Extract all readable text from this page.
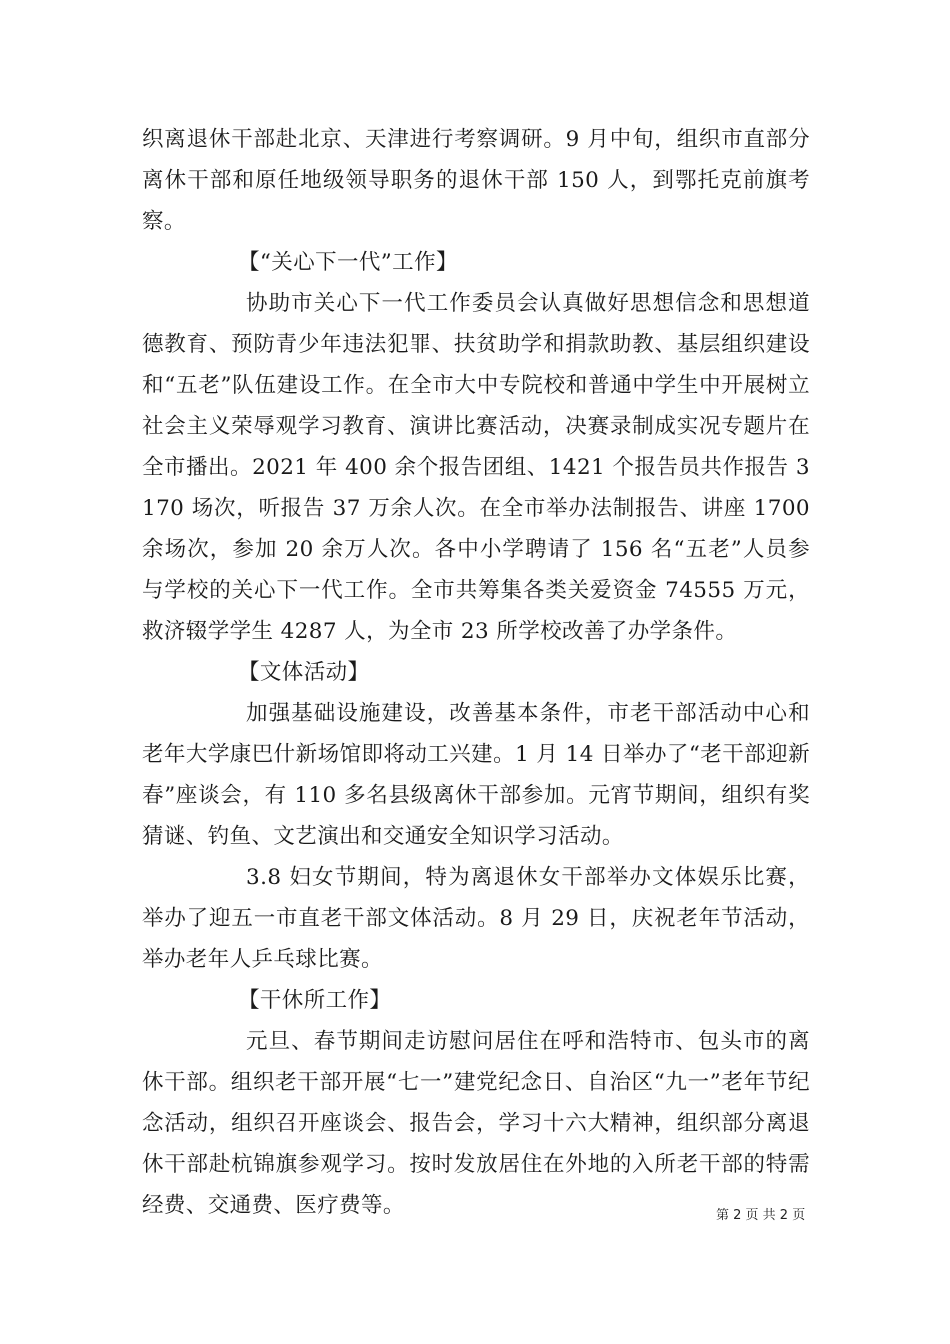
织离退休干部赴北京、天津进行考察调研。9 月中旬，组织市直部分离休干部和原任地级领导职务的退休干部 150 人，到鄂托克前旗考察。

【“关心下一代”工作】

协助市关心下一代工作委员会认真做好思想信念和思想道德教育、预防青少年违法犯罪、扶贫助学和捐款助教、基层组织建设和“五老”队伍建设工作。在全市大中专院校和普通中学生中开展树立社会主义荣辱观学习教育、演讲比赛活动，决赛录制成实况专题片在全市播出。2021 年 400 余个报告团组、1421 个报告员共作报告 3170 场次，听报告 37 万余人次。在全市举办法制报告、讲座 1700 余场次，参加 20 余万人次。各中小学聘请了 156 名“五老”人员参与学校的关心下一代工作。全市共筹集各类关爱资金 74555 万元，救济辍学学生 4287 人，为全市 23 所学校改善了办学条件。

【文体活动】

加强基础设施建设，改善基本条件，市老干部活动中心和老年大学康巴什新场馆即将动工兴建。1 月 14 日举办了“老干部迎新春”座谈会，有 110 多名县级离休干部参加。元宵节期间，组织有奖猜谜、钓鱼、文艺演出和交通安全知识学习活动。

3.8 妇女节期间，特为离退休女干部举办文体娱乐比赛，举办了迎五一市直老干部文体活动。8 月 29 日，庆祝老年节活动，举办老年人乒乓球比赛。

【干休所工作】

元旦、春节期间走访慰问居住在呼和浩特市、包头市的离休干部。组织老干部开展“七一”建党纪念日、自治区“九一”老年节纪念活动，组织召开座谈会、报告会，学习十六大精神，组织部分离退休干部赴杭锦旗参观学习。按时发放居住在外地的入所老干部的特需经费、交通费、医疗费等。	第 2 页 共 2 页
